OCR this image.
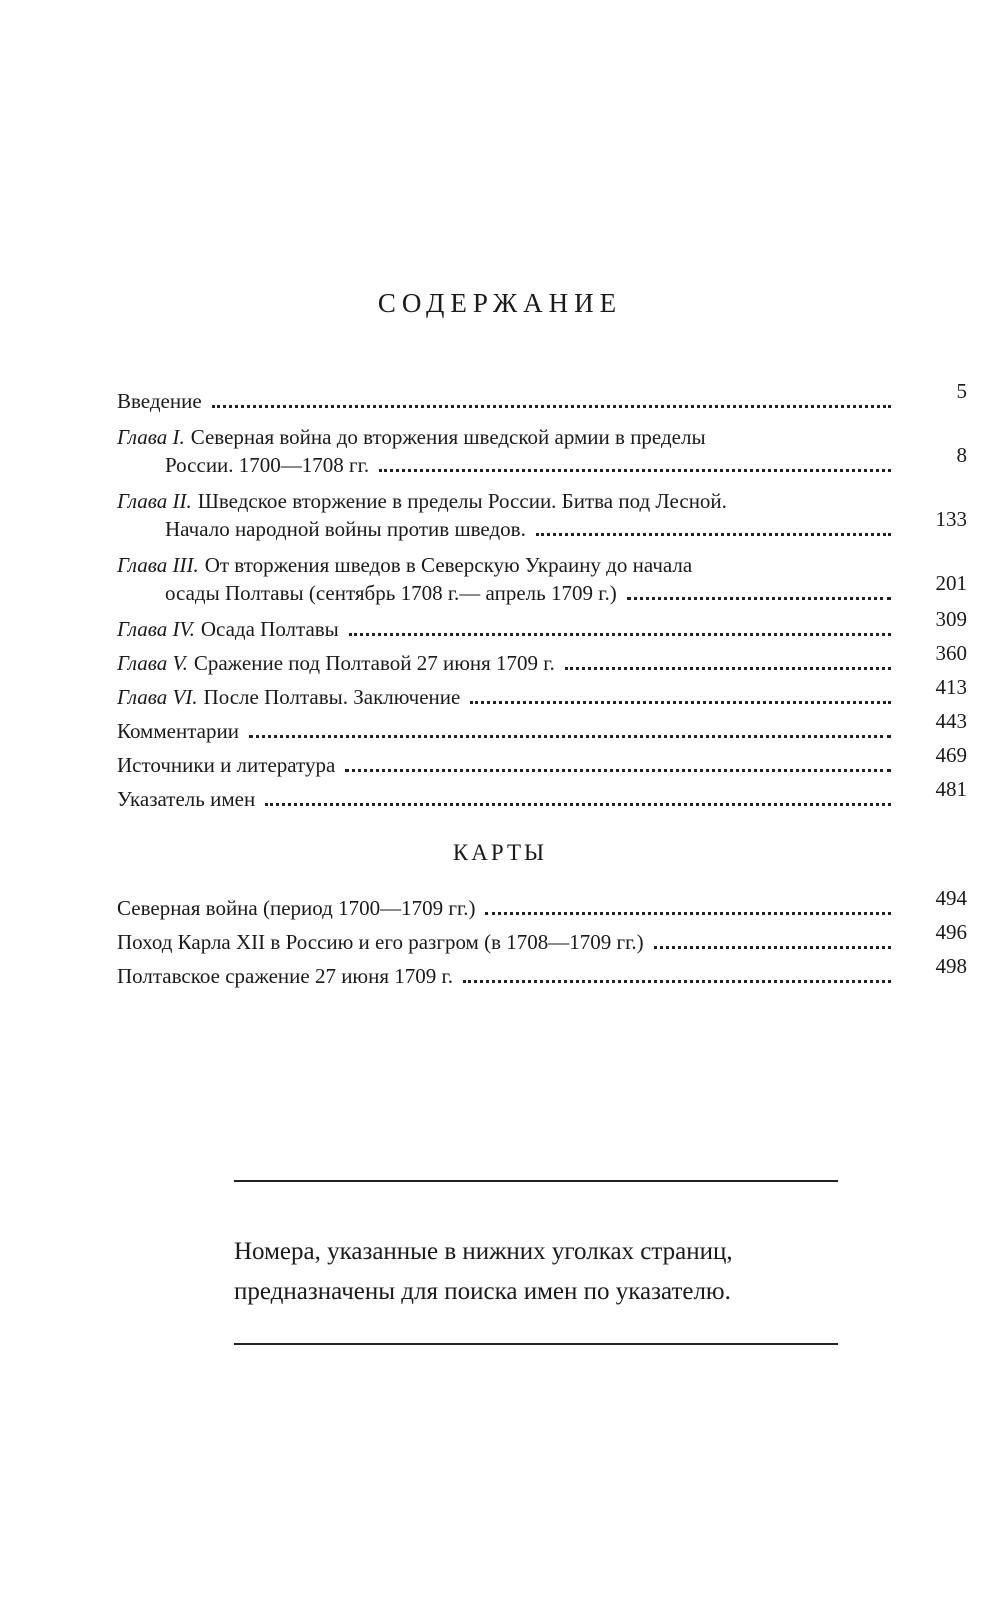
СОДЕРЖАНИЕ
Введение	5
Глава I. Северная война до вторжения шведской армии в пределы
России. 1700—1708 гг.	8
Глава II. Шведское вторжение в пределы России. Битва под Лесной.
Начало народной войны против шведов.	133
Глава III. От вторжения шведов в Северскую Украину до начала
осады Полтавы (сентябрь 1708 г.— апрель 1709 г.)	201
Глава IV. Осада Полтавы	309
Глава V. Сражение под Полтавой 27 июня 1709 г.	360
Глава VI. После Полтавы. Заключение	413
Комментарии	443
Источники и литература	469
Указатель имен	481
КАРТЫ
Северная война (период 1700—1709 гг.)	494
Поход Карла XII в Россию и его разгром (в 1708—1709 гг.)	496
Полтавское сражение 27 июня 1709 г.	498

Номера, указанные в нижних уголках страниц,

предназначены для поиска имен по указателю.
